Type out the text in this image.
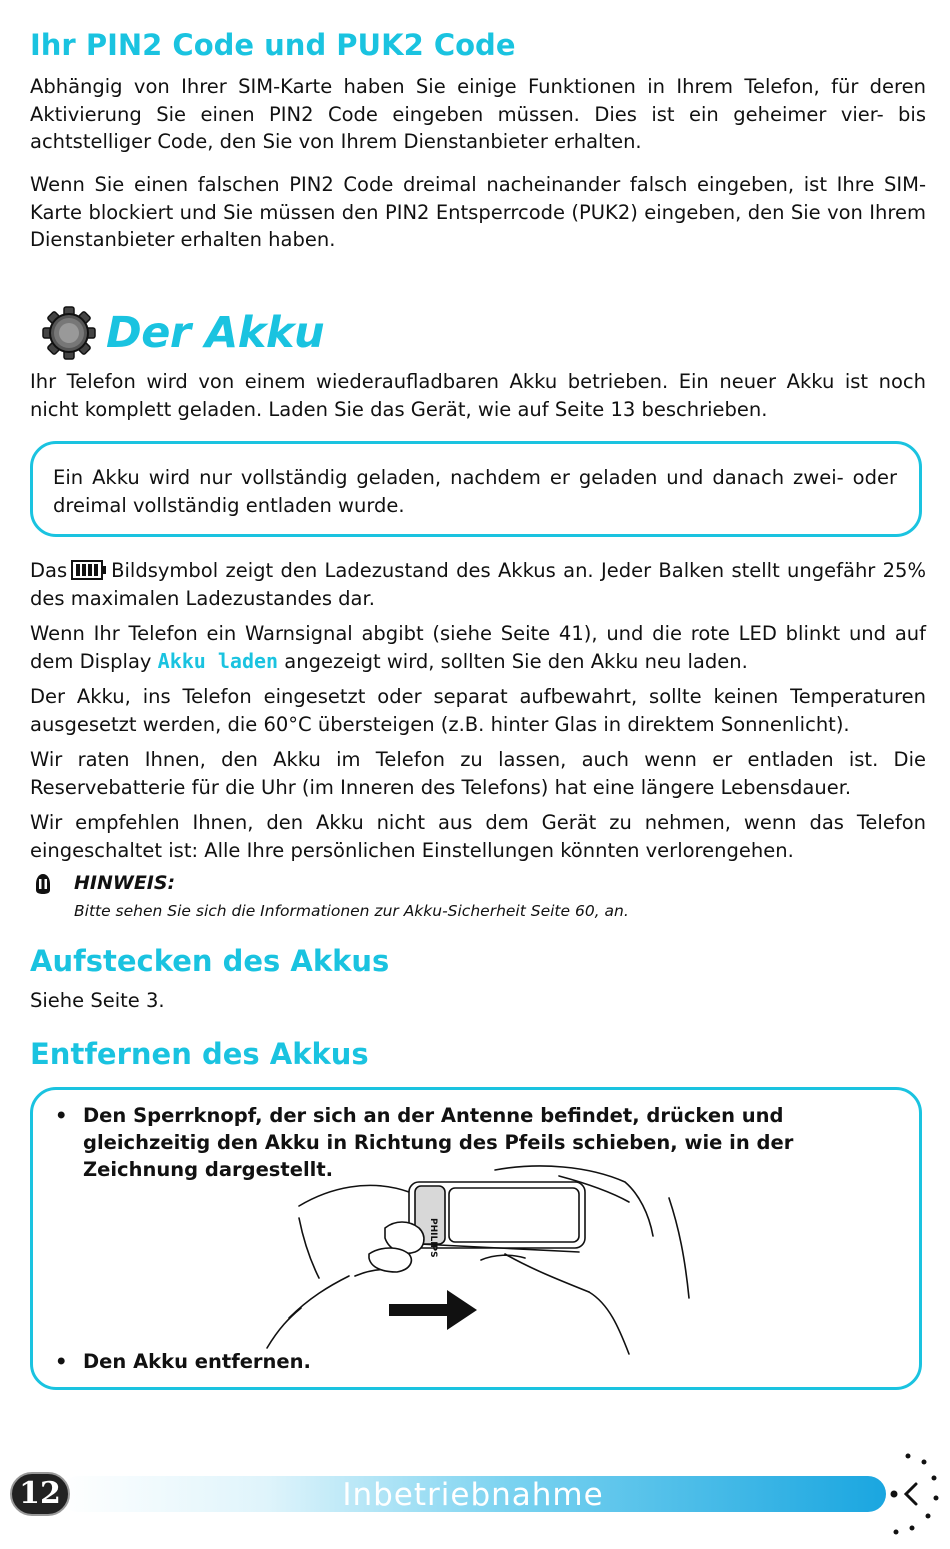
Ihr PIN2 Code und PUK2 Code

Abhängig von Ihrer SIM-Karte haben Sie einige Funktionen in Ihrem Telefon, für deren Aktivierung Sie einen PIN2 Code eingeben müssen. Dies ist ein geheimer vier- bis achtstelliger Code, den Sie von Ihrem Dienstanbieter erhalten.

Wenn Sie einen falschen PIN2 Code dreimal nacheinander falsch eingeben, ist Ihre SIM-Karte blockiert und Sie müssen den PIN2 Entsperrcode (PUK2) eingeben, den Sie von Ihrem Dienstanbieter erhalten haben.

Der Akku

Ihr Telefon wird von einem wiederaufladbaren Akku betrieben. Ein neuer Akku ist noch nicht komplett geladen. Laden Sie das Gerät, wie auf Seite 13 beschrieben.

Ein Akku wird nur vollständig geladen, nachdem er geladen und danach zwei- oder dreimal vollständig entladen wurde.

Das Bildsymbol zeigt den Ladezustand des Akkus an. Jeder Balken stellt ungefähr 25% des maximalen Ladezustandes dar.

Wenn Ihr Telefon ein Warnsignal abgibt (siehe Seite 41), und die rote LED blinkt und auf dem Display Akku laden angezeigt wird, sollten Sie den Akku neu laden.

Der Akku, ins Telefon eingesetzt oder separat aufbewahrt, sollte keinen Temperaturen ausgesetzt werden, die 60°C übersteigen (z.B. hinter Glas in direktem Sonnenlicht).

Wir raten Ihnen, den Akku im Telefon zu lassen, auch wenn er entladen ist. Die Reservebatterie für die Uhr (im Inneren des Telefons) hat eine längere Lebensdauer.

Wir empfehlen Ihnen, den Akku nicht aus dem Gerät zu nehmen, wenn das Telefon eingeschaltet ist: Alle Ihre persönlichen Einstellungen könnten verlorengehen.

HINWEIS:
Bitte sehen Sie sich die Informationen zur Akku-Sicherheit Seite 60, an.
Aufstecken des Akkus

Siehe Seite 3.

Entfernen des Akkus
• Den Sperrknopf, der sich an der Antenne befindet, drücken und gleichzeitig den Akku in Richtung des Pfeils schieben, wie in der Zeichnung dargestellt.
PHILIPS
• Den Akku entfernen.
Inbetriebnahme
12
